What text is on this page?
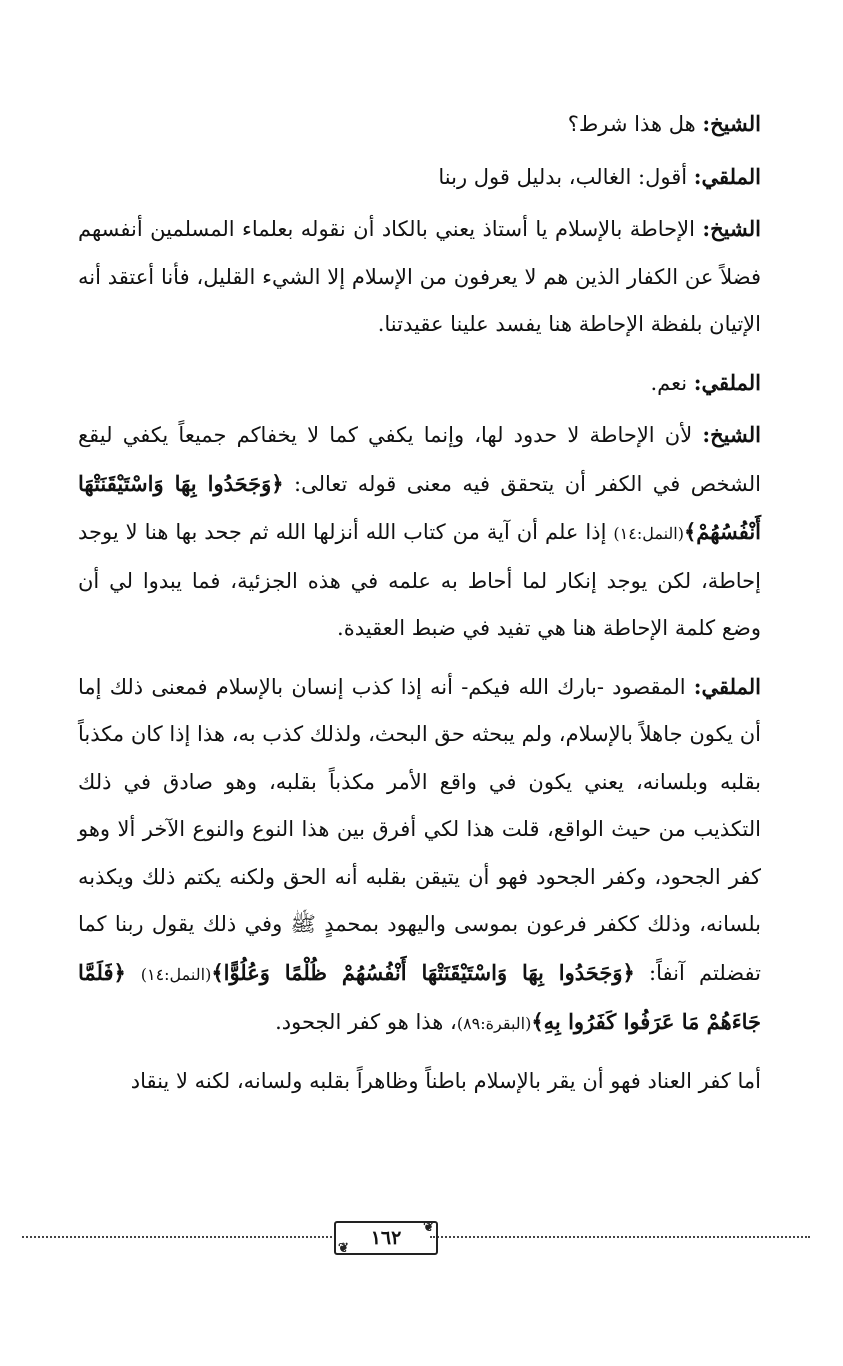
الشيخ: هل هذا شرط؟

الملقي: أقول: الغالب، بدليل قول ربنا

الشيخ: الإحاطة بالإسلام يا أستاذ يعني بالكاد أن نقوله بعلماء المسلمين أنفسهم فضلاً عن الكفار الذين هم لا يعرفون من الإسلام إلا الشيء القليل، فأنا أعتقد أنه الإتيان بلفظة الإحاطة هنا يفسد علينا عقيدتنا.

الملقي: نعم.

الشيخ: لأن الإحاطة لا حدود لها، وإنما يكفي كما لا يخفاكم جميعاً يكفي ليقع الشخص في الكفر أن يتحقق فيه معنى قوله تعالى: ﴿وَجَحَدُوا بِهَا وَاسْتَيْقَنَتْهَا أَنْفُسُهُمْ﴾(النمل:١٤) إذا علم أن آية من كتاب الله أنزلها الله ثم جحد بها هنا لا يوجد إحاطة، لكن يوجد إنكار لما أحاط به علمه في هذه الجزئية، فما يبدوا لي أن وضع كلمة الإحاطة هنا هي تفيد في ضبط العقيدة.

الملقي: المقصود -بارك الله فيكم- أنه إذا كذب إنسان بالإسلام فمعنى ذلك إما أن يكون جاهلاً بالإسلام، ولم يبحثه حق البحث، ولذلك كذب به، هذا إذا كان مكذباً بقلبه وبلسانه، يعني يكون في واقع الأمر مكذباً بقلبه، وهو صادق في ذلك التكذيب من حيث الواقع، قلت هذا لكي أفرق بين هذا النوع والنوع الآخر ألا وهو كفر الجحود، وكفر الجحود فهو أن يتيقن بقلبه أنه الحق ولكنه يكتم ذلك ويكذبه بلسانه، وذلك ككفر فرعون بموسى واليهود بمحمدٍ ﷺ وفي ذلك يقول ربنا كما تفضلتم آنفاً: ﴿وَجَحَدُوا بِهَا وَاسْتَيْقَنَتْهَا أَنْفُسُهُمْ ظُلْمًا وَعُلُوًّا﴾(النمل:١٤) ﴿فَلَمَّا جَاءَهُمْ مَا عَرَفُوا كَفَرُوا بِهِ﴾(البقرة:٨٩)، هذا هو كفر الجحود.

أما كفر العناد فهو أن يقر بالإسلام باطناً وظاهراً بقلبه ولسانه، لكنه لا ينقاد

❦
١٦٢
❦
